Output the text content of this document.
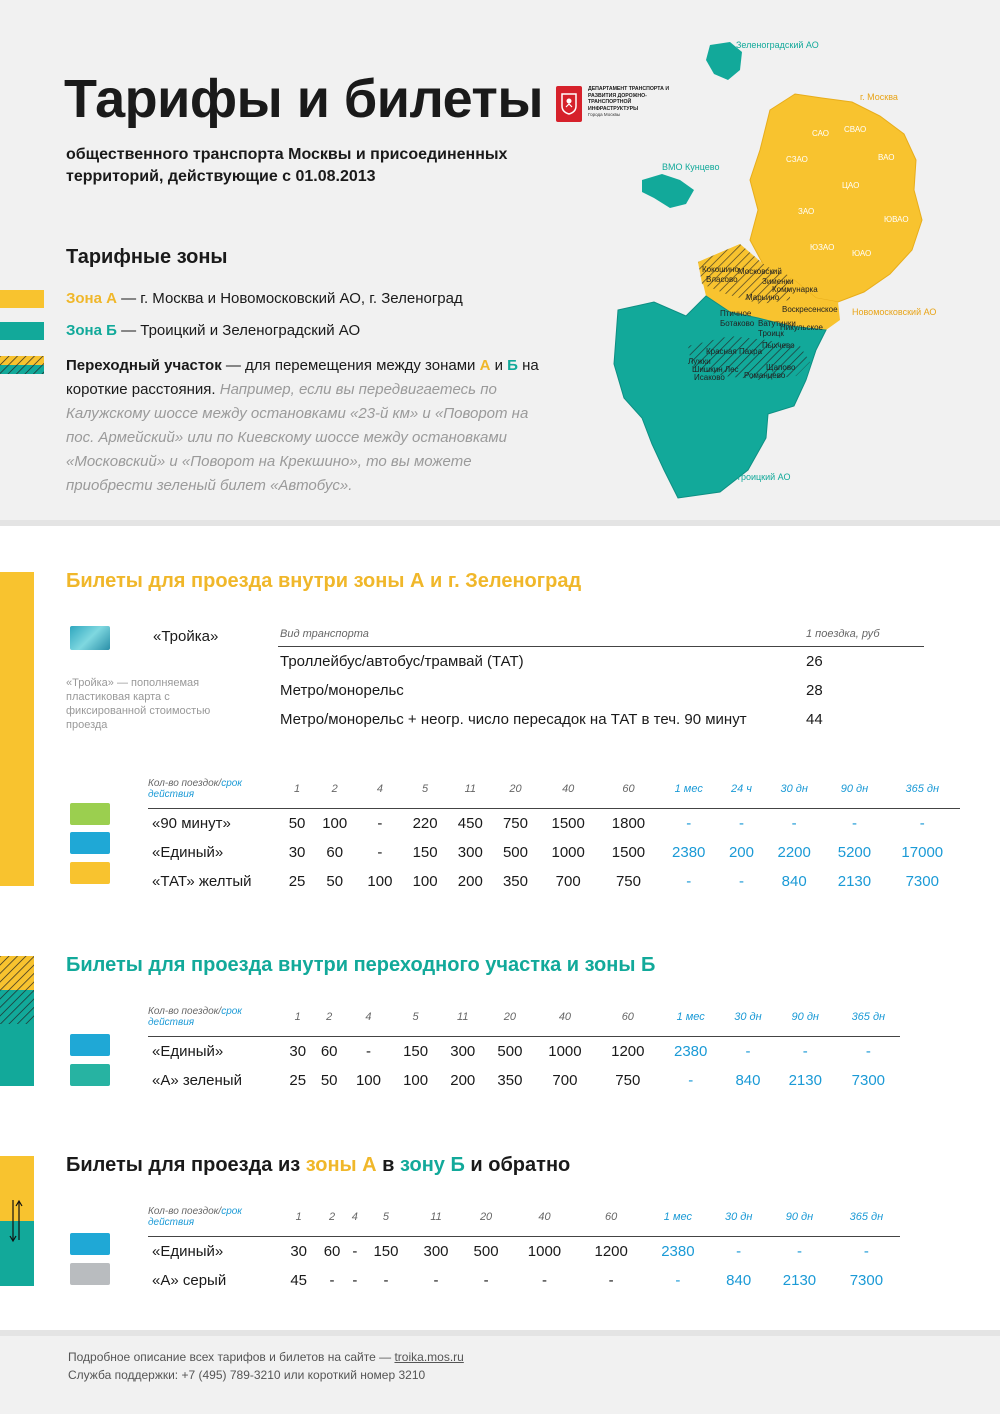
Тарифы и билеты
общественного транспорта Москвы и присоединенных территорий, действующие с 01.08.2013
ДЕПАРТАМЕНТ ТРАНСПОРТА И РАЗВИТИЯ ДОРОЖНО-ТРАНСПОРТНОЙ ИНФРАСТРУКТУРЫ
Города Москвы
Тарифные зоны
Зона А — г. Москва и Новомосковский АО, г. Зеленоград
Зона Б — Троицкий и Зеленоградский АО
Переходный участок — для перемещения между зонами А и Б на короткие расстояния. Например, если вы передвигаетесь по Калужскому шоссе между остановками «23-й км» и «Поворот на пос. Армейский» или по Киевскому шоссе между остановками «Московский» и «Поворот на Крекшино», то вы можете приобрести зеленый билет «Автобус».
Зеленоградский АО
ВМО Кунцево
г. Москва
САО СВАО
ВАО
СЗАО
ЦАО
ЗАО
ЮВАО
ЮЗАО
ЮАО
Новомосковский АО
Троицкий АО
Кокошино
Власово
Московский
Зименки
Коммунарка
Марьино
Воскресенское
Птичное
Ботаково Ватутинки
Троицк
Никульское
Красная Пахра
Пыхчево
Лужки
Шишкин Лес
Исаково
Щапово
Романцево
Билеты для проезда внутри зоны А и г. Зеленоград
«Тройка»
«Тройка» — пополняемая пластиковая карта с фиксированной стоимостью проезда
Вид транспорта	1 поездка, руб
Троллейбус/автобус/трамвай (ТАТ)	26
Метро/монорельс	28
Метро/монорельс + неогр. число пересадок на ТАТ в теч. 90 минут	44
Кол-во поездок/срок действия	1	2	4	5	11	20	40	60	1 мес	24 ч	30 дн	90 дн	365 дн
«90 минут»	50	100	-	220	450	750	1500	1800	-	-	-	-	-
«Единый»	30	60	-	150	300	500	1000	1500	2380	200	2200	5200	17000
«ТАТ» желтый	25	50	100	100	200	350	700	750	-	-	840	2130	7300
Билеты для проезда внутри переходного участка и зоны Б
Кол-во поездок/срок действия	1	2	4	5	11	20	40	60	1 мес	30 дн	90 дн	365 дн
«Единый»	30	60	-	150	300	500	1000	1200	2380	-	-	-
«А» зеленый	25	50	100	100	200	350	700	750	-	840	2130	7300
Билеты для проезда из зоны А в зону Б и обратно
Кол-во поездок/срок действия	1	2	4	5	11	20	40	60	1 мес	30 дн	90 дн	365 дн
«Единый»	30	60	-	150	300	500	1000	1200	2380	-	-	-
«А» серый	45	-	-	-	-	-	-	-	-	840	2130	7300
Подробное описание всех тарифов и билетов на сайте — troika.mos.ru
Служба поддержки: +7 (495) 789-3210 или короткий номер 3210
